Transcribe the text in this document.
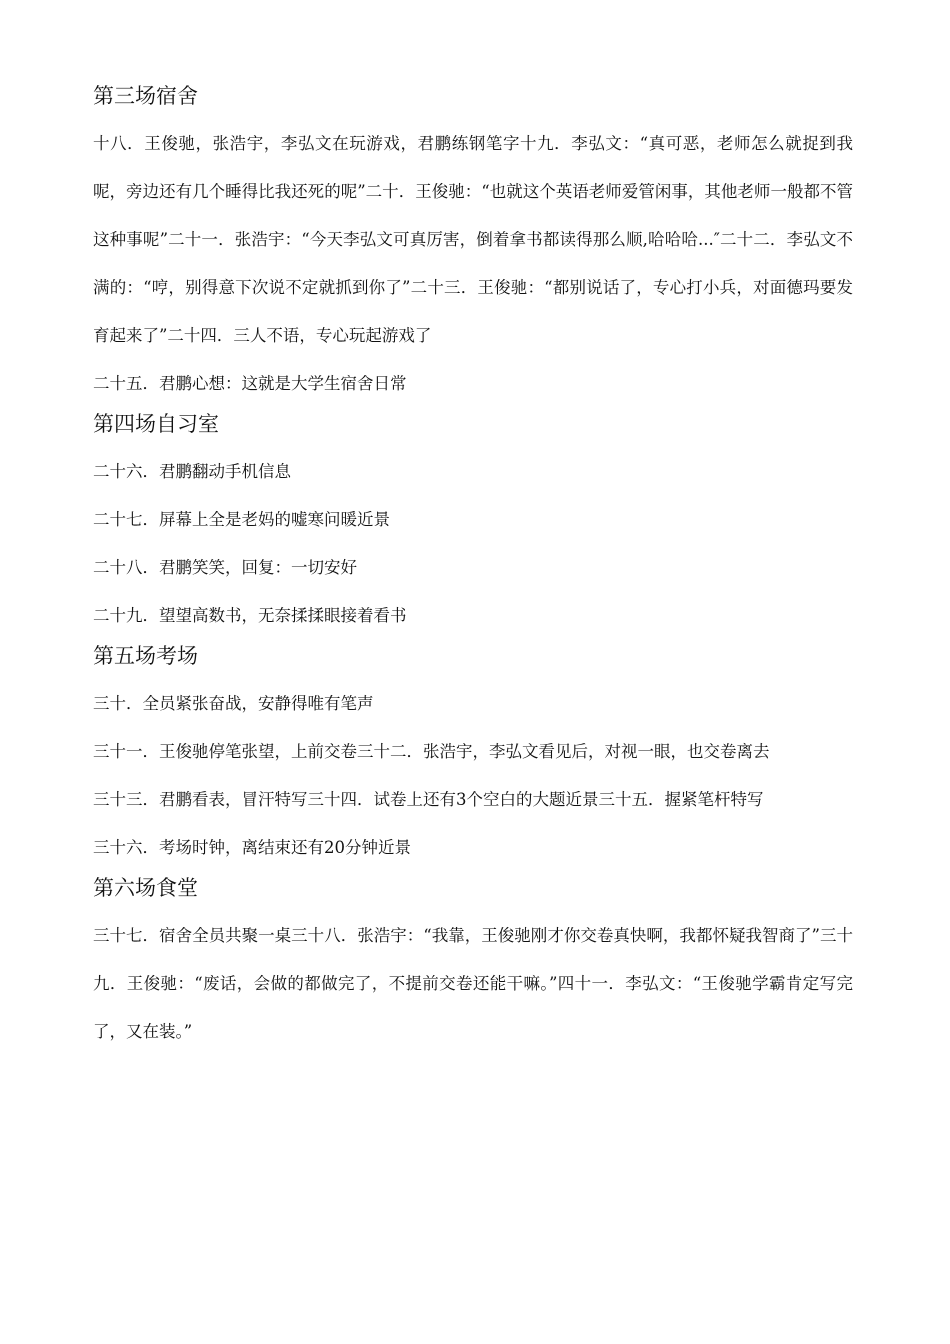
第三场宿舍

十八．王俊驰，张浩宇，李弘文在玩游戏，君鹏练钢笔字十九．李弘文：“真可恶，老师怎么就捉到我呢，旁边还有几个睡得比我还死的呢”二十．王俊驰：“也就这个英语老师爱管闲事，其他老师一般都不管这种事呢”二十一．张浩宇：“今天李弘文可真厉害，倒着拿书都读得那么顺,哈哈哈...″二十二．李弘文不满的：“哼，别得意下次说不定就抓到你了”二十三．王俊驰：“都别说话了，专心打小兵，对面德玛要发育起来了”二十四．三人不语，专心玩起游戏了

二十五．君鹏心想：这就是大学生宿舍日常

第四场自习室

二十六．君鹏翻动手机信息

二十七．屏幕上全是老妈的嘘寒问暖近景

二十八．君鹏笑笑，回复：一切安好

二十九．望望高数书，无奈揉揉眼接着看书

第五场考场

三十．全员紧张奋战，安静得唯有笔声

三十一．王俊驰停笔张望，上前交卷三十二．张浩宇，李弘文看见后，对视一眼，也交卷离去

三十三．君鹏看表，冒汗特写三十四．试卷上还有3个空白的大题近景三十五．握紧笔杆特写

三十六．考场时钟，离结束还有20分钟近景

第六场食堂

三十七．宿舍全员共聚一桌三十八．张浩宇：“我靠，王俊驰刚才你交卷真快啊，我都怀疑我智商了”三十九．王俊驰：“废话，会做的都做完了，不提前交卷还能干嘛。”四十一．李弘文：“王俊驰学霸肯定写完了，又在装。”
